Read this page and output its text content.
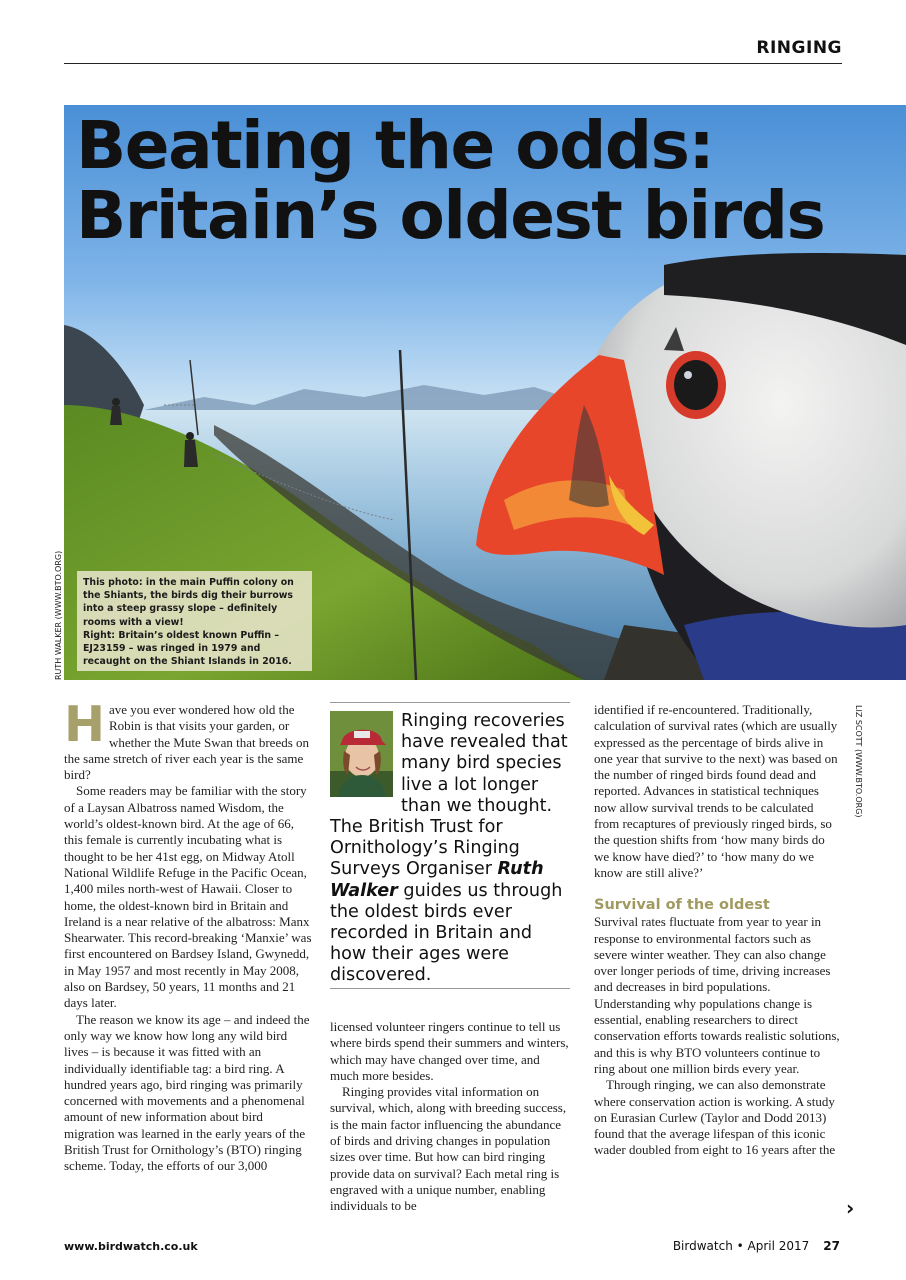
RINGING
Beating the odds:
Britain’s oldest birds
RUTH WALKER (WWW.BTO.ORG)	This photo: in the main Puffin colony on the Shiants, the birds dig their burrows into a steep grassy slope – definitely rooms with a view!
Right: Britain’s oldest known Puffin – EJ23159 – was ringed in 1979 and recaught on the Shiant Islands in 2016.

Have you ever wondered how old the Robin is that visits your garden, or whether the Mute Swan that breeds on the same stretch of river each year is the same bird?

Some readers may be familiar with the story of a Laysan Albatross named Wisdom, the world’s oldest-known bird. At the age of 66, this female is currently incubating what is thought to be her 41st egg, on Midway Atoll National Wildlife Refuge in the Pacific Ocean, 1,400 miles north-west of Hawaii. Closer to home, the oldest-known bird in Britain and Ireland is a near relative of the albatross: Manx Shearwater. This record-breaking ‘Manxie’ was first encountered on Bardsey Island, Gwynedd, in May 1957 and most recently in May 2008, also on Bardsey, 50 years, 11 months and 21 days later.

The reason we know its age – and indeed the only way we know how long any wild bird lives – is because it was fitted with an individually identifiable tag: a bird ring. A hundred years ago, bird ringing was primarily concerned with movements and a phenomenal amount of new information about bird migration was learned in the early years of the British Trust for Ornithology’s (BTO) ringing scheme. Today, the efforts of our 3,000

Ringing recoveries have revealed that many bird species live a lot longer than we thought. The British Trust for Ornithology’s Ringing Surveys Organiser Ruth Walker guides us through the oldest birds ever recorded in Britain and how their ages were discovered.

licensed volunteer ringers continue to tell us where birds spend their summers and winters, which may have changed over time, and much more besides.

Ringing provides vital information on survival, which, along with breeding success, is the main factor influencing the abundance of birds and driving changes in population sizes over time. But how can bird ringing provide data on survival? Each metal ring is engraved with a unique number, enabling individuals to be

identified if re-encountered. Traditionally, calculation of survival rates (which are usually expressed as the percentage of birds alive in one year that survive to the next) was based on the number of ringed birds found dead and reported. Advances in statistical techniques now allow survival trends to be calculated from recaptures of previously ringed birds, so the question shifts from ‘how many birds do we know have died?’ to ‘how many do we know are still alive?’

Survival of the oldest

Survival rates fluctuate from year to year in response to environmental factors such as severe winter weather. They can also change over longer periods of time, driving increases and decreases in bird populations. Understanding why populations change is essential, enabling researchers to direct conservation efforts towards realistic solutions, and this is why BTO volunteers continue to ring about one million birds every year.

Through ringing, we can also demonstrate where conservation action is working. A study on Eurasian Curlew (Taylor and Dodd 2013) found that the average lifespan of this iconic wader doubled from eight to 16 years after the

LIZ SCOTT (WWW.BTO.ORG)
›
www.birdwatch.co.uk	Birdwatch • April 2017 27
